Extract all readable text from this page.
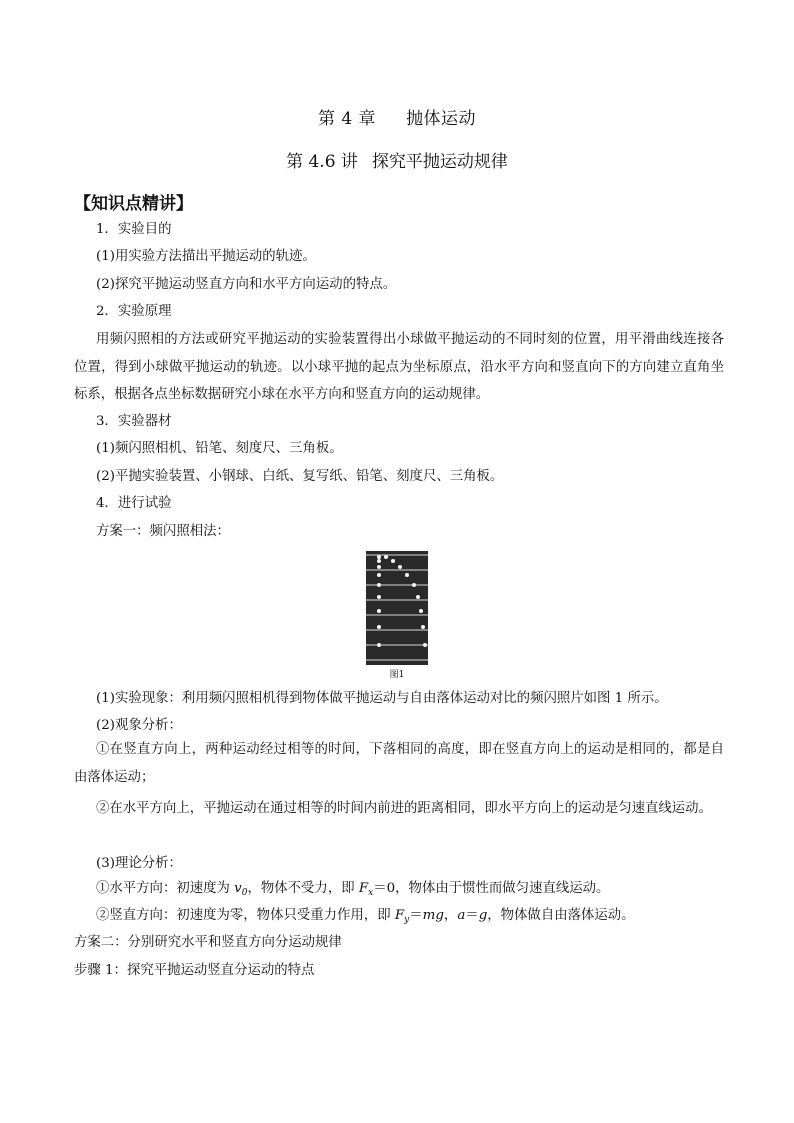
第 4 章 抛体运动
第 4.6 讲 探究平抛运动规律
【知识点精讲】
1．实验目的
(1)用实验方法描出平抛运动的轨迹。
(2)探究平抛运动竖直方向和水平方向运动的特点。
2．实验原理
用频闪照相的方法或研究平抛运动的实验装置得出小球做平抛运动的不同时刻的位置，用平滑曲线连接各位置，得到小球做平抛运动的轨迹。以小球平抛的起点为坐标原点，沿水平方向和竖直向下的方向建立直角坐标系，根据各点坐标数据研究小球在水平方向和竖直方向的运动规律。
3．实验器材
(1)频闪照相机、铅笔、刻度尺、三角板。
(2)平抛实验装置、小钢球、白纸、复写纸、铅笔、刻度尺、三角板。
4．进行试验
方案一：频闪照相法：
图1
(1)实验现象：利用频闪照相机得到物体做平抛运动与自由落体运动对比的频闪照片如图 1 所示。
(2)观象分析：
①在竖直方向上，两种运动经过相等的时间，下落相同的高度，即在竖直方向上的运动是相同的，都是自由落体运动；
②在水平方向上，平抛运动在通过相等的时间内前进的距离相同，即水平方向上的运动是匀速直线运动。
(3)理论分析：
①水平方向：初速度为 $v_0$，物体不受力，即 $F_x=0$，物体由于惯性而做匀速直线运动。
②竖直方向：初速度为零，物体只受重力作用，即 $F_y=mg$，a＝g，物体做自由落体运动。
方案二：分别研究水平和竖直方向分运动规律
步骤 1：探究平抛运动竖直分运动的特点
